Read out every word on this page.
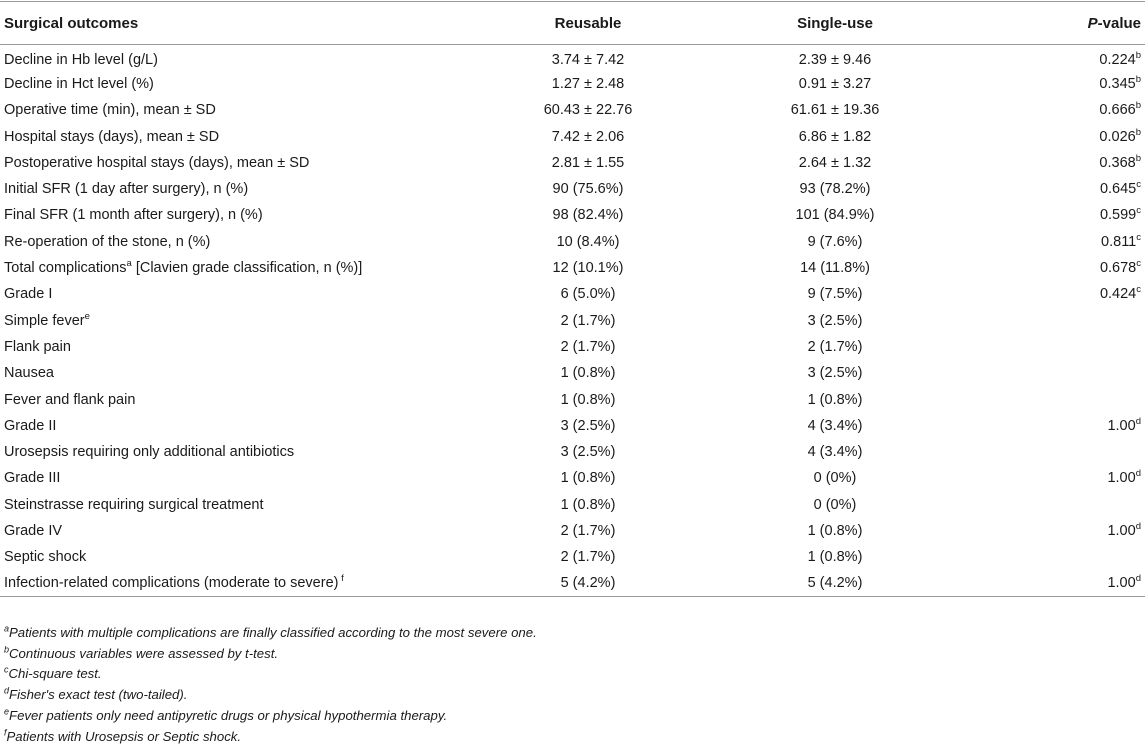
Surgical outcomes	Reusable	Single-use	P-value
Decline in Hb level (g/L)	3.74 ± 7.42	2.39 ± 9.46	0.224$^b$
Decline in Hct level (%)	1.27 ± 2.48	0.91 ± 3.27	0.345$^b$
Operative time (min), mean ± SD	60.43 ± 22.76	61.61 ± 19.36	0.666$^b$
Hospital stays (days), mean ± SD	7.42 ± 2.06	6.86 ± 1.82	0.026$^b$
Postoperative hospital stays (days), mean ± SD	2.81 ± 1.55	2.64 ± 1.32	0.368$^b$
Initial SFR (1 day after surgery), n (%)	90 (75.6%)	93 (78.2%)	0.645$^c$
Final SFR (1 month after surgery), n (%)	98 (82.4%)	101 (84.9%)	0.599$^c$
Re-operation of the stone, n (%)	10 (8.4%)	9 (7.6%)	0.811$^c$
Total complications$^a$ [Clavien grade classification, n (%)]	12 (10.1%)	14 (11.8%)	0.678$^c$
Grade I	6 (5.0%)	9 (7.5%)	0.424$^c$
Simple fever$^e$	2 (1.7%)	3 (2.5%)	
Flank pain	2 (1.7%)	2 (1.7%)	
Nausea	1 (0.8%)	3 (2.5%)	
Fever and flank pain	1 (0.8%)	1 (0.8%)	
Grade II	3 (2.5%)	4 (3.4%)	1.00$^d$
Urosepsis requiring only additional antibiotics	3 (2.5%)	4 (3.4%)	
Grade III	1 (0.8%)	0 (0%)	1.00$^d$
Steinstrasse requiring surgical treatment	1 (0.8%)	0 (0%)	
Grade IV	2 (1.7%)	1 (0.8%)	1.00$^d$
Septic shock	2 (1.7%)	1 (0.8%)	
Infection-related complications (moderate to severe) $^f$	5 (4.2%)	5 (4.2%)	1.00$^d$
$^a$Patients with multiple complications are finally classified according to the most severe one.
$^b$Continuous variables were assessed by t-test.
$^c$Chi-square test.
$^d$Fisher's exact test (two-tailed).
$^e$Fever patients only need antipyretic drugs or physical hypothermia therapy.
$^f$Patients with Urosepsis or Septic shock.
